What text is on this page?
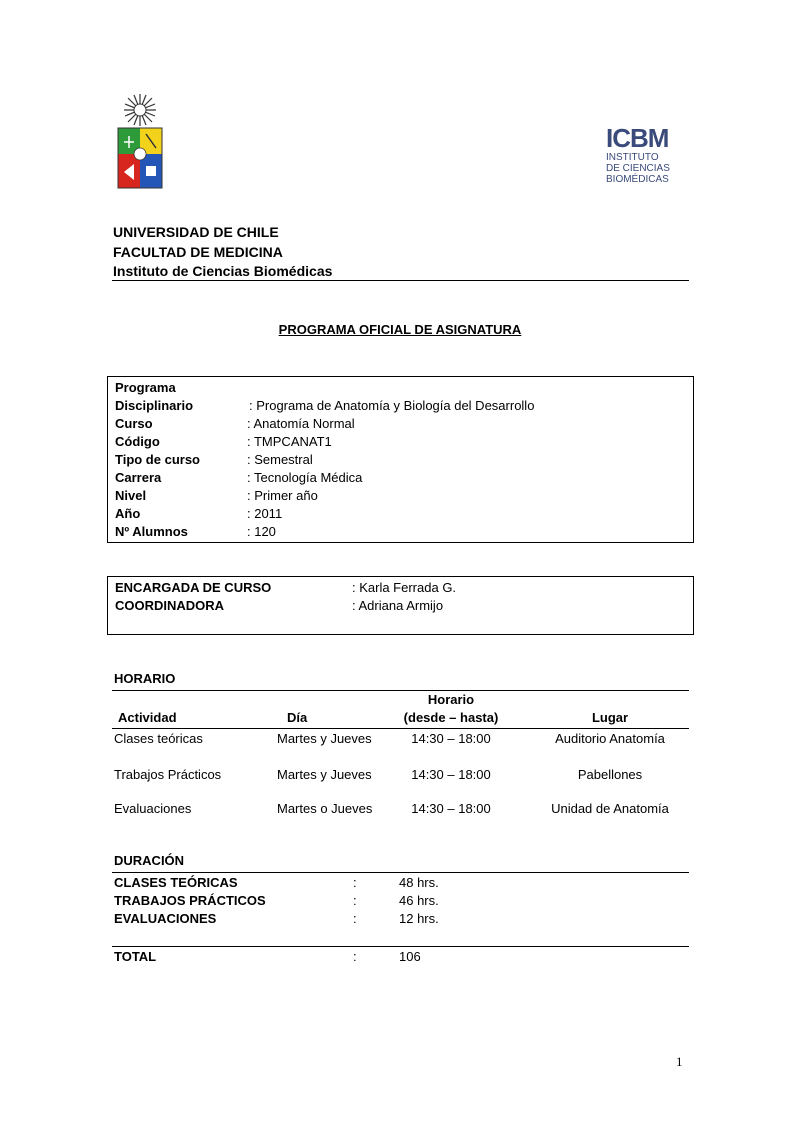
ICBM
INSTITUTO
DE CIENCIAS
BIOMÉDICAS
UNIVERSIDAD DE CHILE
FACULTAD DE MEDICINA
Instituto de Ciencias Biomédicas
PROGRAMA OFICIAL DE ASIGNATURA
Programa
Disciplinario	: Programa de Anatomía y Biología del Desarrollo
Curso	: Anatomía Normal
Código	: TMPCANAT1
Tipo de curso	: Semestral
Carrera	: Tecnología Médica
Nivel	: Primer año
Año	: 2011
Nº Alumnos	: 120
ENCARGADA DE CURSO	: Karla Ferrada G.
COORDINADORA	: Adriana Armijo
HORARIO
Horario
Actividad	Día	(desde – hasta)	Lugar
Clases teóricas	Martes y Jueves	14:30 – 18:00	Auditorio Anatomía
Trabajos Prácticos	Martes y Jueves	14:30 – 18:00	Pabellones
Evaluaciones	Martes o Jueves	14:30 – 18:00	Unidad de Anatomía
DURACIÓN
CLASES TEÓRICAS	:	48 hrs.
TRABAJOS PRÁCTICOS	:	46 hrs.
EVALUACIONES	:	12 hrs.
TOTAL	:	106
1
